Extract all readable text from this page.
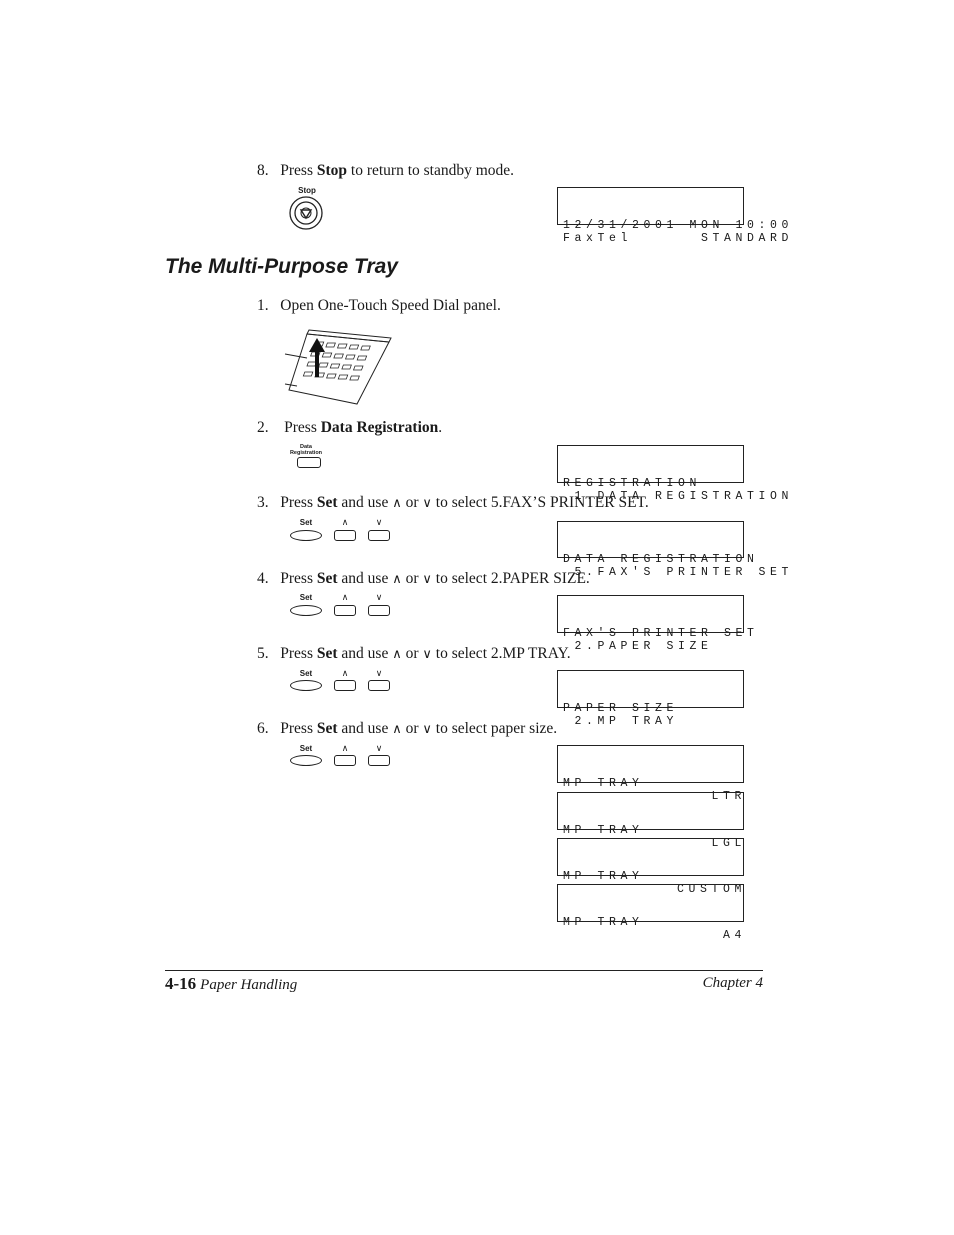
8. Press Stop to return to standby mode.
Stop

12/31/2001 MON 10:00
FaxTel      STANDARD

The Multi-Purpose Tray
1. Open One-Touch Speed Dial panel.
2. Press Data Registration.
Data
Registration

REGISTRATION
1.DATA REGISTRATION

3. Press Set and use ∧ or ∨ to select 5.FAX’S PRINTER SET.
Set	∧	∨

DATA REGISTRATION
5.FAX'S PRINTER SET

4. Press Set and use ∧ or ∨ to select 2.PAPER SIZE.
Set	∧	∨

FAX'S PRINTER SET
2.PAPER SIZE

5. Press Set and use ∧ or ∨ to select 2.MP TRAY.
Set	∧	∨

PAPER SIZE
2.MP TRAY

6. Press Set and use ∧ or ∨ to select paper size.
Set	∧	∨

MP TRAY
LTR

MP TRAY
LGL

MP TRAY
CUSTOM

MP TRAY
A4

4-16 Paper Handling	Chapter 4
